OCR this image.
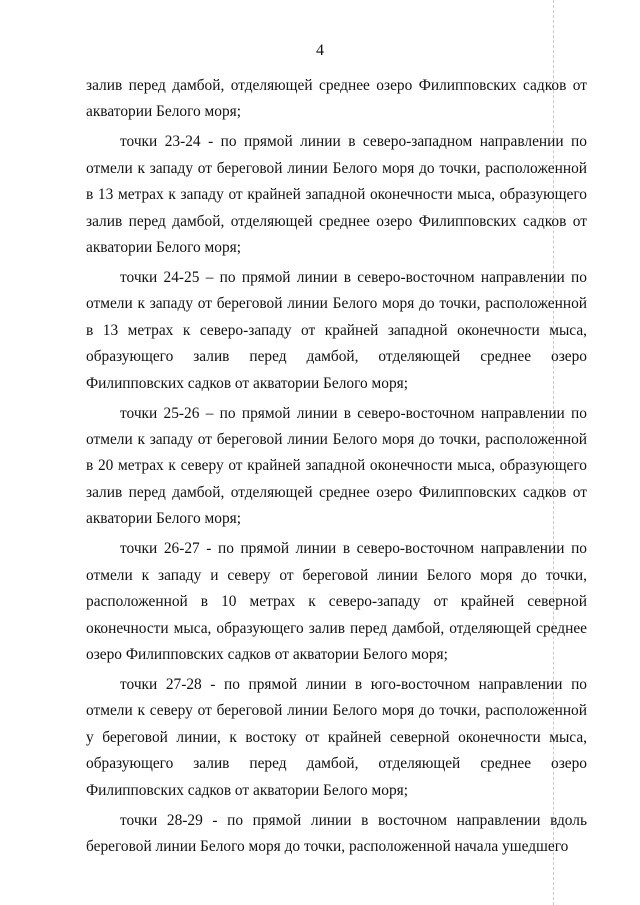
4

залив перед дамбой, отделяющей среднее озеро Филипповских садков от акватории Белого моря;

точки 23-24 - по прямой линии в северо-западном направлении по отмели к западу от береговой линии Белого моря до точки, расположенной в 13 метрах к западу от крайней западной оконечности мыса, образующего залив перед дамбой, отделяющей среднее озеро Филипповских садков от акватории Белого моря;

точки 24-25 – по прямой линии в северо-восточном направлении по отмели к западу от береговой линии Белого моря до точки, расположенной в 13 метрах к северо-западу от крайней западной оконечности мыса, образующего залив перед дамбой, отделяющей среднее озеро Филипповских садков от акватории Белого моря;

точки 25-26 – по прямой линии в северо-восточном направлении по отмели к западу от береговой линии Белого моря до точки, расположенной в 20 метрах к северу от крайней западной оконечности мыса, образующего залив перед дамбой, отделяющей среднее озеро Филипповских садков от акватории Белого моря;

точки 26-27 - по прямой линии в северо-восточном направлении по отмели к западу и северу от береговой линии Белого моря до точки, расположенной в 10 метрах к северо-западу от крайней северной оконечности мыса, образующего залив перед дамбой, отделяющей среднее озеро Филипповских садков от акватории Белого моря;

точки 27-28 - по прямой линии в юго-восточном направлении по отмели к северу от береговой линии Белого моря до точки, расположенной у береговой линии, к востоку от крайней северной оконечности мыса, образующего залив перед дамбой, отделяющей среднее озеро Филипповских садков от акватории Белого моря;

точки 28-29 - по прямой линии в восточном направлении вдоль береговой линии Белого моря до точки, расположенной начала ушедшего
